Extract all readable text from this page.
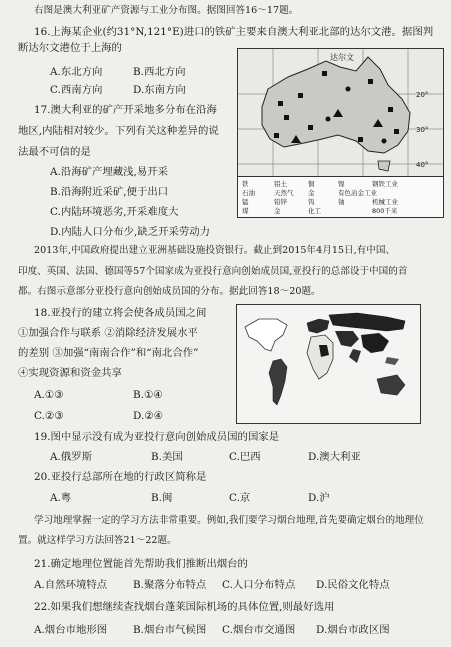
右图是澳大利亚矿产资源与工业分布图。据图回答16～17题。
16.上海某企业(约31°N,121°E)进口的铁矿主要来自澳大利亚北部的达尔文港。据图判
断达尔文港位于上海的
A.东北方向	B.西北方向
C.西南方向	D.东南方向
17.澳大利亚的矿产开采地多分布在沿海
地区,内陆相对较少。下列有关这种差异的说
法最不可信的是
A.沿海矿产埋藏浅,易开采
B.沿海附近采矿,便于出口
C.内陆环境恶劣,开采难度大
D.内陆人口分布少,缺乏开采劳动力
达尔文
20°
30°
40°
铁	铝土	铜	镍	钢铁工业
石油	天然气 金	有色冶金工业
锰	铅锌	钨	铀	机械工业
煤	金	化工	800千米
2013年,中国政府提出建立亚洲基础设施投资银行。截止到2015年4月15日,有中国、
印度、英国、法国、德国等57个国家成为亚投行意向创始成员国,亚投行的总部设于中国的首
都。右图示意部分亚投行意向创始成员国的分布。据此回答18～20题。
18.亚投行的建立将会使各成员国之间
①加强合作与联系 ②消除经济发展水平
的差别 ③加强“南南合作”和“南北合作”
④实现资源和资金共享
A.①③	B.①④
C.②③	D.②④
19.图中显示没有成为亚投行意向创始成员国的国家是
A.俄罗斯	B.美国	C.巴西	D.澳大利亚
20.亚投行总部所在地的行政区简称是
A.粤	B.闽	C.京	D.沪
学习地理掌握一定的学习方法非常重要。例如,我们要学习烟台地理,首先要确定烟台的地理位
置。就这样学习方法回答21～22题。
21.确定地理位置能首先帮助我们推断出烟台的
A.自然环境特点 B.聚落分布特点 C.人口分布特点 D.民俗文化特点
22.如果我们想继续查找烟台蓬莱国际机场的具体位置,则最好选用
A.烟台市地形图 B.烟台市气候图 C.烟台市交通图 D.烟台市政区图
